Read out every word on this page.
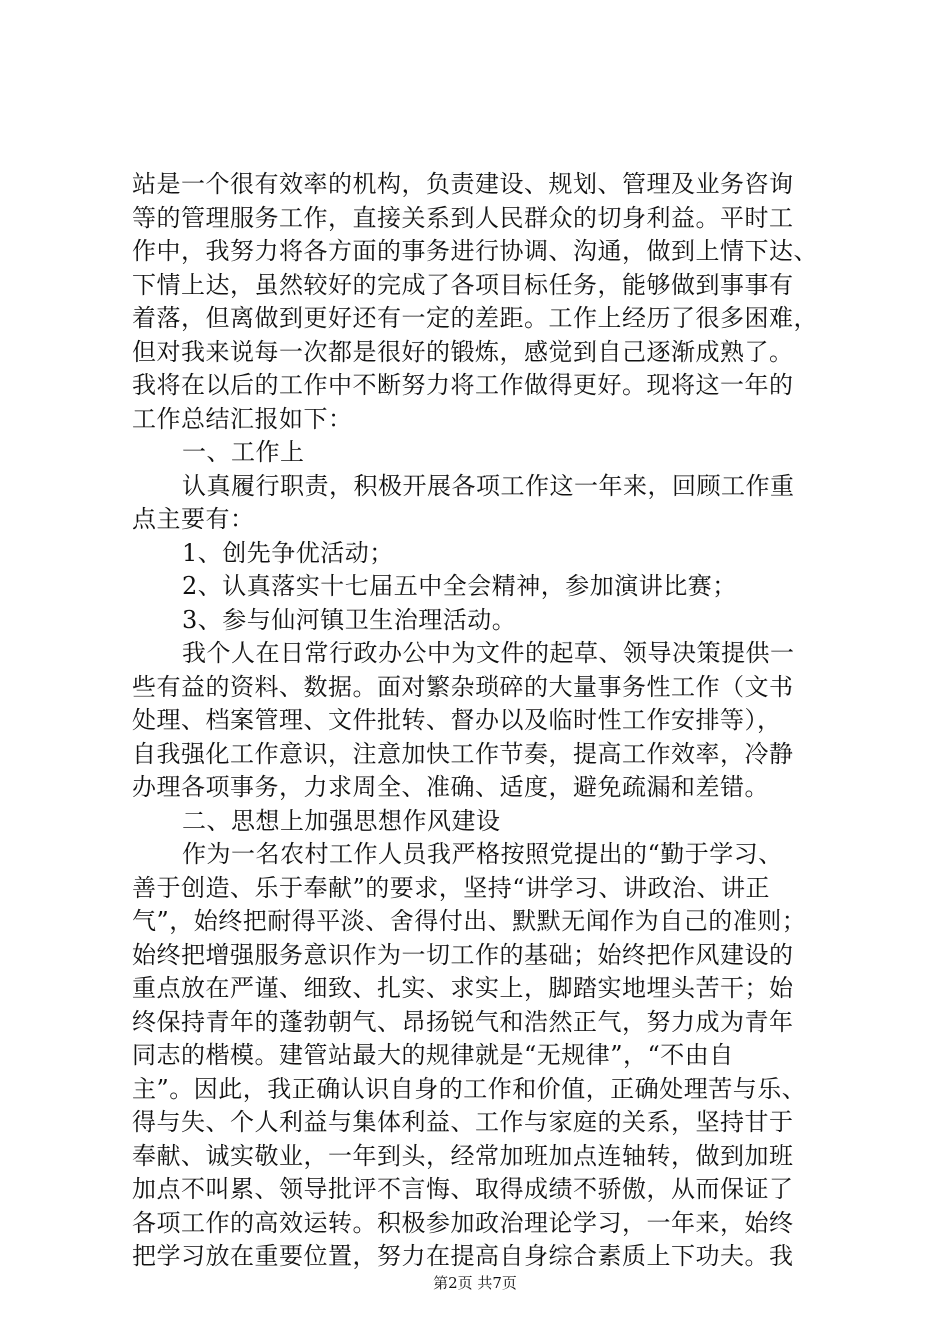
站是一个很有效率的机构，负责建设、规划、管理及业务咨询
等的管理服务工作，直接关系到人民群众的切身利益。平时工
作中，我努力将各方面的事务进行协调、沟通，做到上情下达、
下情上达，虽然较好的完成了各项目标任务，能够做到事事有
着落，但离做到更好还有一定的差距。工作上经历了很多困难，
但对我来说每一次都是很好的锻炼，感觉到自己逐渐成熟了。
我将在以后的工作中不断努力将工作做得更好。现将这一年的
工作总结汇报如下：
一、工作上
认真履行职责，积极开展各项工作这一年来，回顾工作重
点主要有：
1、创先争优活动；
2、认真落实十七届五中全会精神，参加演讲比赛；
3、参与仙河镇卫生治理活动。
我个人在日常行政办公中为文件的起草、领导决策提供一
些有益的资料、数据。面对繁杂琐碎的大量事务性工作（文书
处理、档案管理、文件批转、督办以及临时性工作安排等），
自我强化工作意识，注意加快工作节奏，提高工作效率，冷静
办理各项事务，力求周全、准确、适度，避免疏漏和差错。
二、思想上加强思想作风建设
作为一名农村工作人员我严格按照党提出的“勤于学习、
善于创造、乐于奉献”的要求，坚持“讲学习、讲政治、讲正
气”，始终把耐得平淡、舍得付出、默默无闻作为自己的准则；
始终把增强服务意识作为一切工作的基础；始终把作风建设的
重点放在严谨、细致、扎实、求实上，脚踏实地埋头苦干；始
终保持青年的蓬勃朝气、昂扬锐气和浩然正气，努力成为青年
同志的楷模。建管站最大的规律就是“无规律”，“不由自
主”。因此，我正确认识自身的工作和价值，正确处理苦与乐、
得与失、个人利益与集体利益、工作与家庭的关系，坚持甘于
奉献、诚实敬业，一年到头，经常加班加点连轴转，做到加班
加点不叫累、领导批评不言悔、取得成绩不骄傲，从而保证了
各项工作的高效运转。积极参加政治理论学习，一年来，始终
把学习放在重要位置，努力在提高自身综合素质上下功夫。我
第2页 共7页
